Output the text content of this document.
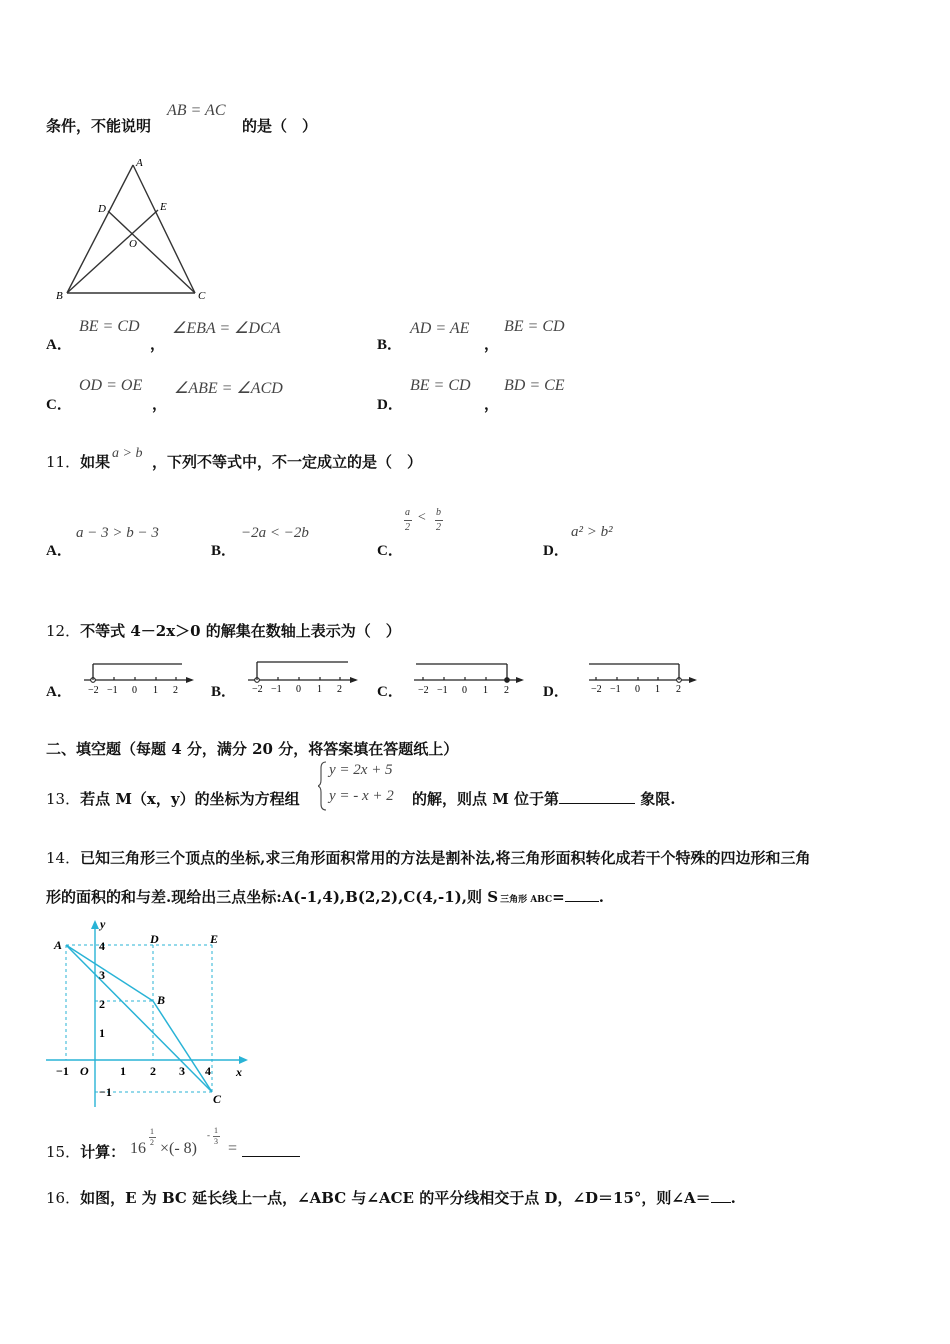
条件，不能说明
AB = AC
的是（　）
A
D	E
O
B	C
A．
BE = CD
，
∠EBA = ∠DCA
B．
AD = AE
，
BE = CD
C．
OD = OE
，
∠ABE = ∠ACD
D．
BE = CD
，
BD = CE
11．如果 a > b ，下列不等式中，不一定成立的是（　）
A．
a − 3 > b − 3
B．
−2a < −2b
C．
a
2
< b
2
D．
a² > b²
12．不等式 4－2x＞0 的解集在数轴上表示为（　）
A． −2 −1 0 1 2 B． −2 −1 0 1 2 C． −2 −1 0 1 2 D． −2 −1 0 1 2
二、填空题（每题 4 分，满分 20 分，将答案填在答题纸上）
13．若点 M（x，y）的坐标为方程组
y = 2x + 5
y = - x + 2 的解，则点 M 位于第	象限.
14．已知三角形三个顶点的坐标,求三角形面积常用的方法是割补法,将三角形面积转化成若干个特殊的四边形和三角
形的面积的和与差.现给出三点坐标:A(-1,4),B(2,2),C(4,-1),则 S 三角形 ABC= .
x
y
O
−1	1 2 3 4
4
3
2
1
−1
A
B
C
D	E
15．计算： 16
1
2 ×(- 8)
- 1
3 =
16．如图，E 为 BC 延长线上一点，∠ABC 与∠ACE 的平分线相交于点 D，∠D＝15°，则∠A＝ .
